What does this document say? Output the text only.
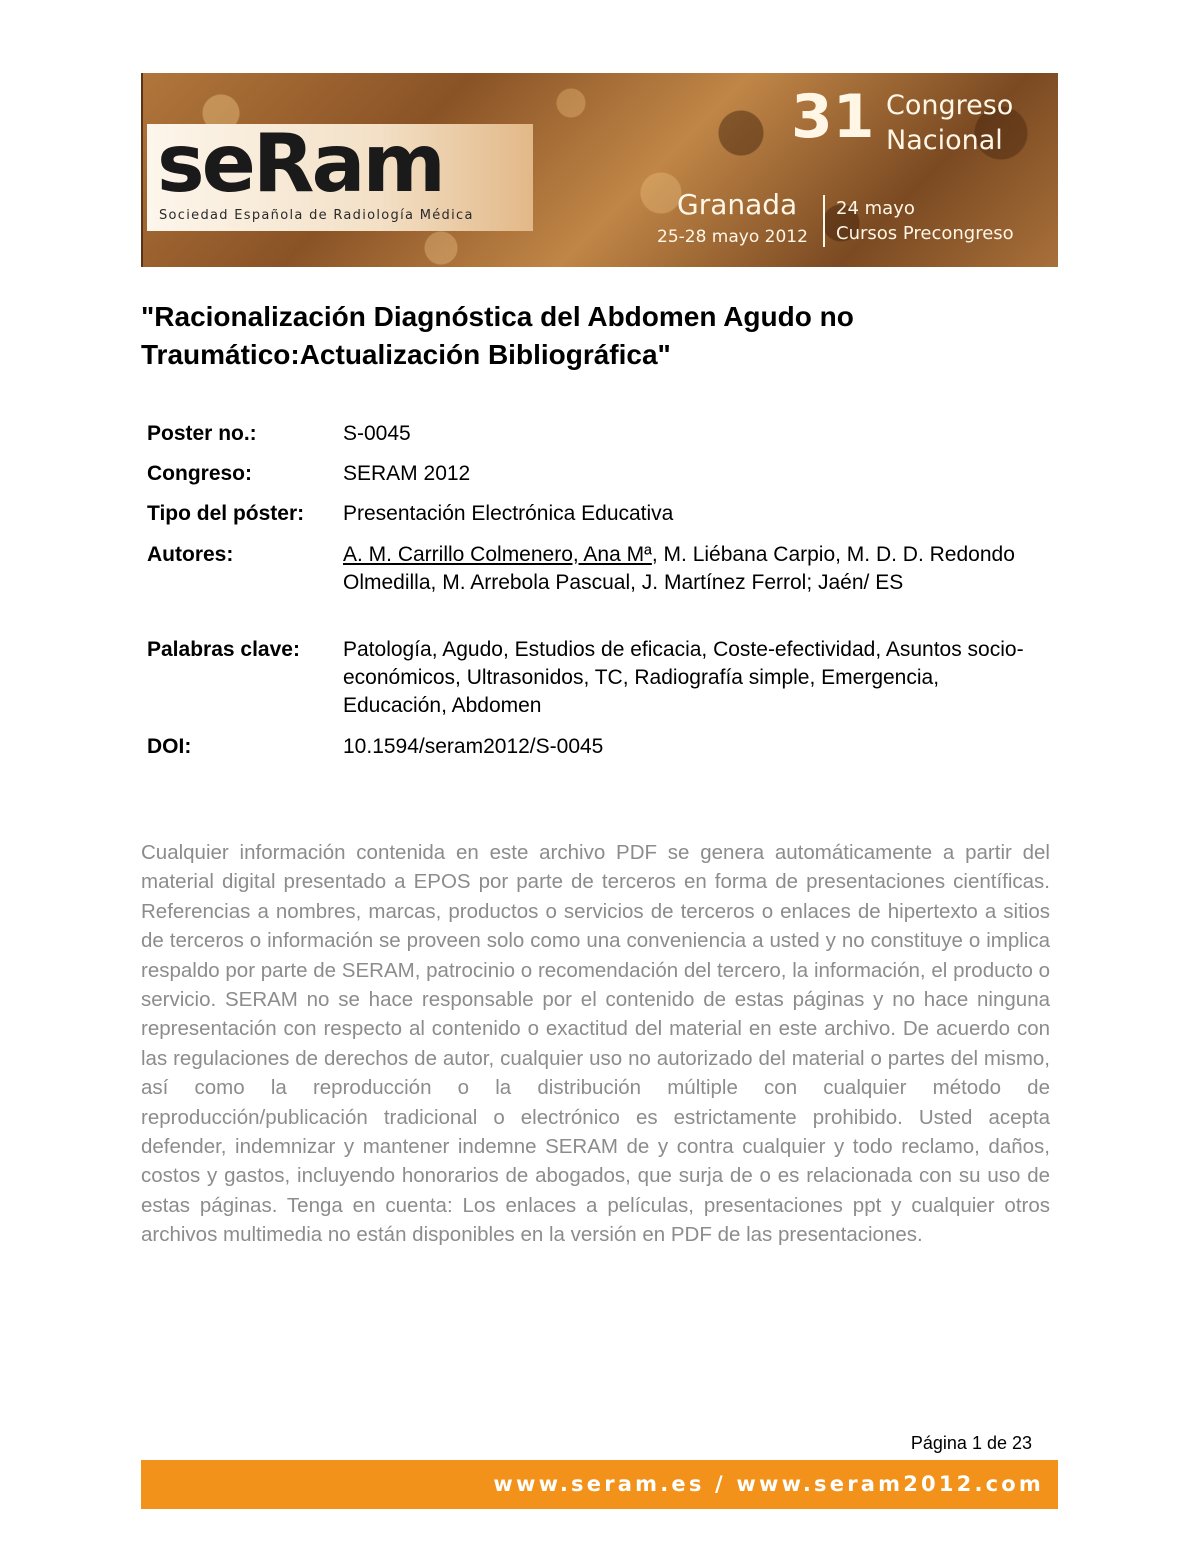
seRam
Sociedad Española de Radiología Médica
31 Congreso
Nacional
Granada
25-28 mayo 2012
24 mayo
Cursos Precongreso
"Racionalización Diagnóstica del Abdomen Agudo no Traumático:Actualización Bibliográfica"
Poster no.:	S-0045
Congreso:	SERAM 2012
Tipo del póster:	Presentación Electrónica Educativa
Autores:	A. M. Carrillo Colmenero, Ana Mª, M. Liébana Carpio, M. D. D. Redondo Olmedilla, M. Arrebola Pascual, J. Martínez Ferrol; Jaén/ ES
Palabras clave:	Patología, Agudo, Estudios de eficacia, Coste-efectividad, Asuntos socio-económicos, Ultrasonidos, TC, Radiografía simple, Emergencia, Educación, Abdomen
DOI:	10.1594/seram2012/S-0045
Cualquier información contenida en este archivo PDF se genera automáticamente a partir del material digital presentado a EPOS por parte de terceros en forma de presentaciones científicas. Referencias a nombres, marcas, productos o servicios de terceros o enlaces de hipertexto a sitios de terceros o información se proveen solo como una conveniencia a usted y no constituye o implica respaldo por parte de SERAM, patrocinio o recomendación del tercero, la información, el producto o servicio. SERAM no se hace responsable por el contenido de estas páginas y no hace ninguna representación con respecto al contenido o exactitud del material en este archivo. De acuerdo con las regulaciones de derechos de autor, cualquier uso no autorizado del material o partes del mismo, así como la reproducción o la distribución múltiple con cualquier método de reproducción/publicación tradicional o electrónico es estrictamente prohibido. Usted acepta defender, indemnizar y mantener indemne SERAM de y contra cualquier y todo reclamo, daños, costos y gastos, incluyendo honorarios de abogados, que surja de o es relacionada con su uso de estas páginas. Tenga en cuenta: Los enlaces a películas, presentaciones ppt y cualquier otros archivos multimedia no están disponibles en la versión en PDF de las presentaciones.
Página 1 de 23
www.seram.es / www.seram2012.com
